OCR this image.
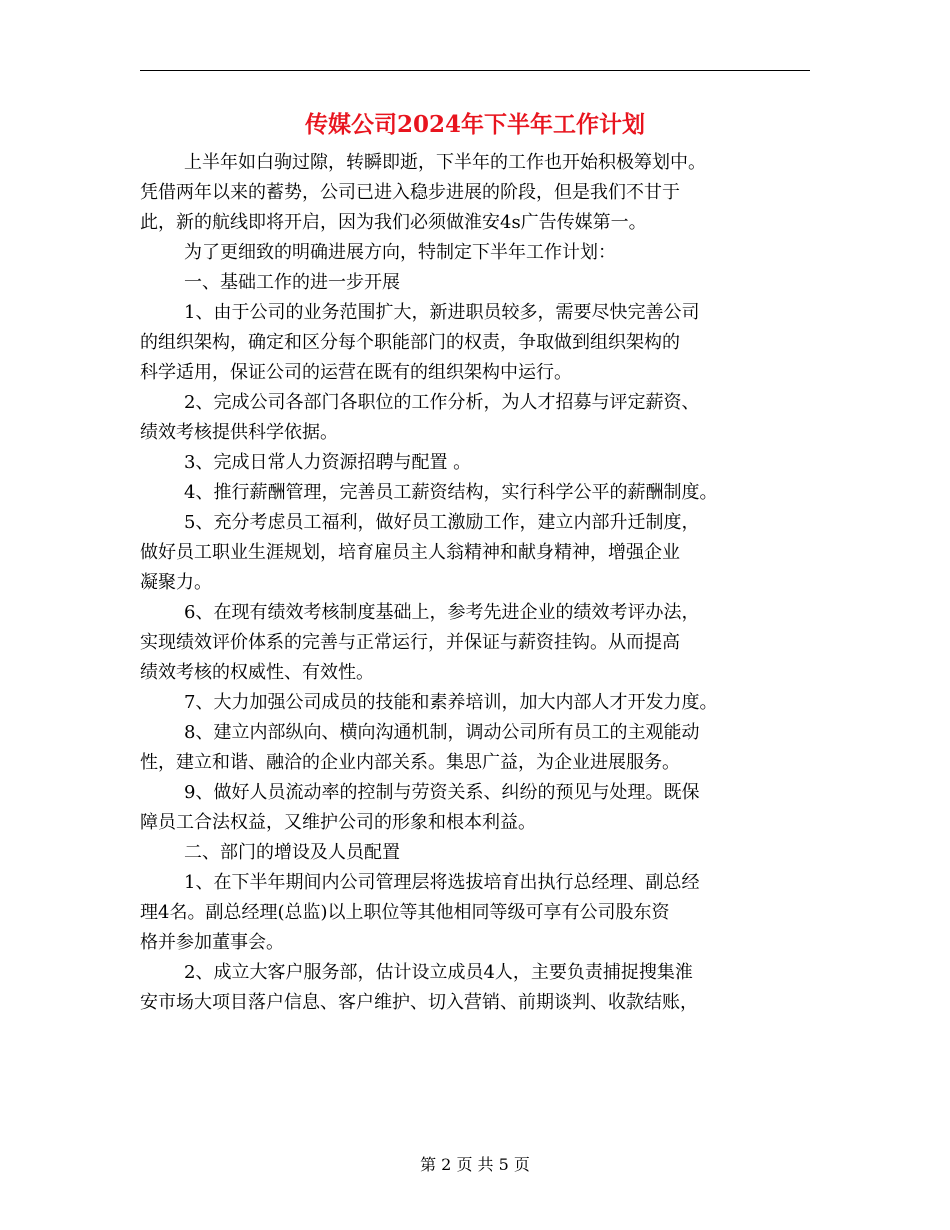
传媒公司2024年下半年工作计划

上半年如白驹过隙，转瞬即逝，下半年的工作也开始积极筹划中。

凭借两年以来的蓄势，公司已进入稳步进展的阶段，但是我们不甘于

此，新的航线即将开启，因为我们必须做淮安4s广告传媒第一。

为了更细致的明确进展方向，特制定下半年工作计划：

一、基础工作的进一步开展

1、由于公司的业务范围扩大，新进职员较多，需要尽快完善公司

的组织架构，确定和区分每个职能部门的权责，争取做到组织架构的

科学适用，保证公司的运营在既有的组织架构中运行。

2、完成公司各部门各职位的工作分析，为人才招募与评定薪资、

绩效考核提供科学依据。

3、完成日常人力资源招聘与配置 。

4、推行薪酬管理，完善员工薪资结构，实行科学公平的薪酬制度。

5、充分考虑员工福利，做好员工激励工作，建立内部升迁制度，

做好员工职业生涯规划，培育雇员主人翁精神和献身精神，增强企业

凝聚力。

6、在现有绩效考核制度基础上，参考先进企业的绩效考评办法，

实现绩效评价体系的完善与正常运行，并保证与薪资挂钩。从而提高

绩效考核的权威性、有效性。

7、大力加强公司成员的技能和素养培训，加大内部人才开发力度。

8、建立内部纵向、横向沟通机制，调动公司所有员工的主观能动

性，建立和谐、融洽的企业内部关系。集思广益，为企业进展服务。

9、做好人员流动率的控制与劳资关系、纠纷的预见与处理。既保

障员工合法权益，又维护公司的形象和根本利益。

二、部门的增设及人员配置

1、在下半年期间内公司管理层将选拔培育出执行总经理、副总经

理4名。副总经理(总监)以上职位等其他相同等级可享有公司股东资

格并参加董事会。

2、成立大客户服务部，估计设立成员4人，主要负责捕捉搜集淮

安市场大项目落户信息、客户维护、切入营销、前期谈判、收款结账，

第 2 页 共 5 页
